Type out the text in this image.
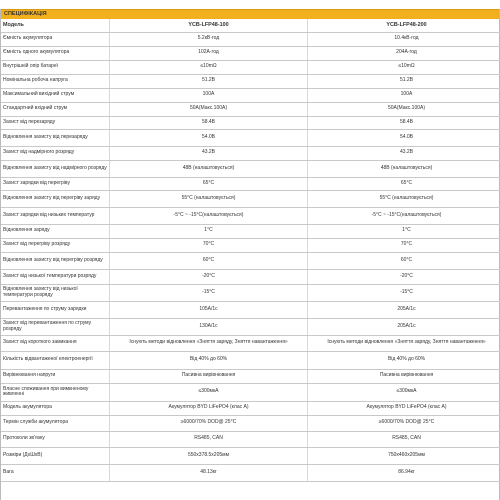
СПЕЦИФІКАЦІЯ
Модель	YCB-LFP48-100	YCB-LFP48-200
Ємність акумулятора	5.2кВ·год	10.4кВ·год
Ємність одного акумулятора	102А·год	204А·год
Внутрішній опір батареї	≤10mΩ	≤10mΩ
Номінальна робоча напруга	51.2В	51.2В
Максимальний вихідний струм	100A	100A
Стандартний вхідний струм	50A(Макс.100A)	50A(Макс.100A)
Захист від перезаряду	58.4В	58.4В
Відновлення захисту від перезаряду	54.0В	54.0В
Захист від надмірного розряду	43.2В	43.2В
Відновлення захисту від надмірного розряду	48В (налаштовується)	48В (налаштовується)
Захист зарядки від перегріву	65°C	65°C
Відновлення захисту від перегріву заряду	55°C (налаштовується)	55°C (налаштовується)
Захист зарядки від низьких температур	-5°C ~ -15°C(налаштовується)	-5°C ~ -15°C(налаштовується)
Відновлення заряду	1°C	1°C
Захист від перегріву розряду	70°C	70°C
Відновлення захисту від перегріву розряду	60°C	60°C
Захист від низької температури розряду	-20°C	-20°C
Відновлення захисту від низької температури розряду	-15°C	-15°C
Перевантаження по струму зарядки	105A/1с	205A/1с
Захист від перевантаження по струму розряду	130A/1с	205A/1с
Захист від короткого замикання	Існують методи відновлення «Зняття заряду, Зняття навантаження»	Існують методи відновлення «Зняття заряду, Зняття навантаження»
Кількість відвантаженої електроенергії	Від 40% до 60%	Від 40% до 60%
Вирівнювання напруги	Пасивна вирівнювання	Пасивна вирівнювання
Власне споживання при вимкненому живленні	≤300мкА	≤300мкА
Модель акумулятора	Акумулятор BYD LiFePO4 (клас A)	Акумулятор BYD LiFePO4 (клас A)
Термін служби акумулятора	≥6000/70% DOD@ 25°C	≥6000/70% DOD@ 25°C
Протоколи зв'язку	RS485, CAN	RS485, CAN
Розміри (ДxШxВ)	550x378.5x205мм	750x460x205мм
Вага	48.13кг	86.94кг
